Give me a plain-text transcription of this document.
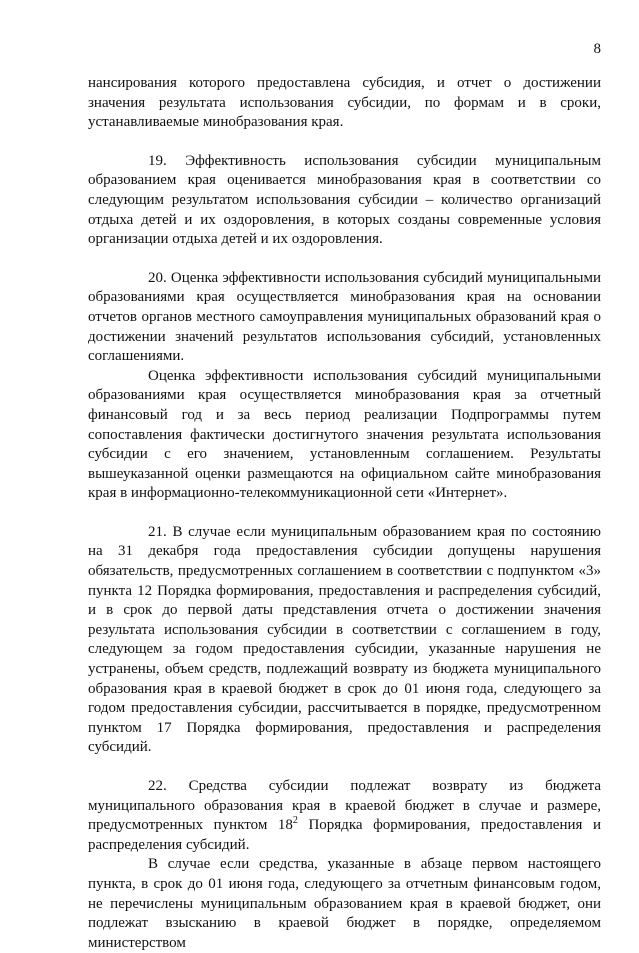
8

нансирования которого предоставлена субсидия, и отчет о достижении значения результата использования субсидии, по формам и в сроки, устанавливаемые минобразования края.

19. Эффективность использования субсидии муниципальным образованием края оценивается минобразования края в соответствии со следующим результатом использования субсидии – количество организаций отдыха детей и их оздоровления, в которых созданы современные условия организации отдыха детей и их оздоровления.

20. Оценка эффективности использования субсидий муниципальными образованиями края осуществляется минобразования края на основании отчетов органов местного самоуправления муниципальных образований края о достижении значений результатов использования субсидий, установленных соглашениями.

Оценка эффективности использования субсидий муниципальными образованиями края осуществляется минобразования края за отчетный финансовый год и за весь период реализации Подпрограммы путем сопоставления фактически достигнутого значения результата использования субсидии с его значением, установленным соглашением. Результаты вышеуказанной оценки размещаются на официальном сайте минобразования края в информационно-телекоммуникационной сети «Интернет».

21. В случае если муниципальным образованием края по состоянию на 31 декабря года предоставления субсидии допущены нарушения обязательств, предусмотренных соглашением в соответствии с подпунктом «3» пункта 12 Порядка формирования, предоставления и распределения субсидий, и в срок до первой даты представления отчета о достижении значения результата использования субсидии в соответствии с соглашением в году, следующем за годом предоставления субсидии, указанные нарушения не устранены, объем средств, подлежащий возврату из бюджета муниципального образования края в краевой бюджет в срок до 01 июня года, следующего за годом предоставления субсидии, рассчитывается в порядке, предусмотренном пунктом 17 Порядка формирования, предоставления и распределения субсидий.

22. Средства субсидии подлежат возврату из бюджета муниципального образования края в краевой бюджет в случае и размере, предусмотренных пунктом $18^2$ Порядка формирования, предоставления и распределения субсидий.

В случае если средства, указанные в абзаце первом настоящего пункта, в срок до 01 июня года, следующего за отчетным финансовым годом, не перечислены муниципальным образованием края в краевой бюджет, они подлежат взысканию в краевой бюджет в порядке, определяемом министерством
